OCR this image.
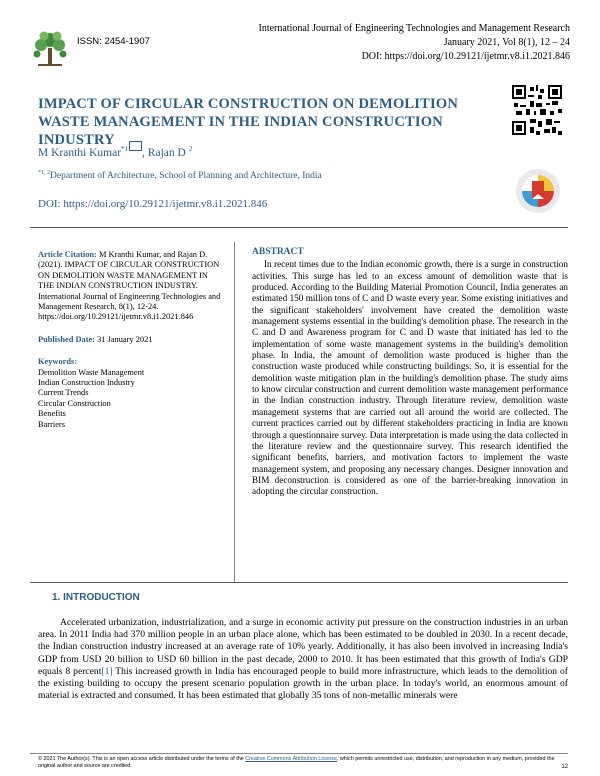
ISSN: 2454-1907
International Journal of Engineering Technologies and Management Research
January 2021, Vol 8(1), 12 – 24
DOI: https://doi.org/10.29121/ijetmr.v8.i1.2021.846
IMPACT OF CIRCULAR CONSTRUCTION ON DEMOLITION WASTE MANAGEMENT IN THE INDIAN CONSTRUCTION INDUSTRY
M Kranthi Kumar$^{*1}$ , Rajan D $^2$
$^{*1, 2}$Department of Architecture, School of Planning and Architecture, India
DOI: https://doi.org/10.29121/ijetmr.v8.i1.2021.846
Article Citation: M Kranthi Kumar, and Rajan D. (2021). IMPACT OF CIRCULAR CONSTRUCTION ON DEMOLITION WASTE MANAGEMENT IN THE INDIAN CONSTRUCTION INDUSTRY. International Journal of Engineering Technologies and Management Research, 8(1), 12-24. https://doi.org/10.29121/ijetmr.v8.i1.2021.846
Published Date: 31 January 2021
Keywords:
Demolition Waste Management
Indian Construction Industry
Current Trends
Circular Construction
Benefits
Barriers
ABSTRACT

In recent times due to the Indian economic growth, there is a surge in construction activities. This surge has led to an excess amount of demolition waste that is produced. According to the Building Material Promotion Council, India generates an estimated 150 million tons of C and D waste every year. Some existing initiatives and the significant stakeholders' involvement have created the demolition waste management systems essential in the building's demolition phase. The research in the C and D and Awareness program for C and D waste that initiated has led to the implementation of some waste management systems in the building's demolition phase. In India, the amount of demolition waste produced is higher than the construction waste produced while constructing buildings. So, it is essential for the demolition waste mitigation plan in the building's demolition phase. The study aims to know circular construction and current demolition waste management performance in the Indian construction industry. Through literature review, demolition waste management systems that are carried out all around the world are collected. The current practices carried out by different stakeholders practicing in India are known through a questionnaire survey. Data interpretation is made using the data collected in the literature review and the questionnaire survey. This research identified the significant benefits, barriers, and motivation factors to implement the waste management system, and proposing any necessary changes. Designer innovation and BIM deconstruction is considered as one of the barrier-breaking innovation in adopting the circular construction.

1. INTRODUCTION

Accelerated urbanization, industrialization, and a surge in economic activity put pressure on the construction industries in an urban area. In 2011 India had 370 million people in an urban place alone, which has been estimated to be doubled in 2030. In a recent decade, the Indian construction industry increased at an average rate of 10% yearly. Additionally, it has also been involved in increasing India's GDP from USD 20 billion to USD 60 billion in the past decade, 2000 to 2010. It has been estimated that this growth of India's GDP equals 8 percent[1] This increased growth in India has encouraged people to build more infrastructure, which leads to the demolition of the existing building to occupy the present scenario population growth in the urban place. In today's world, an enormous amount of material is extracted and consumed. It has been estimated that globally 35 tons of non-metallic minerals were

© 2021 The Author(s). This is an open access article distributed under the terms of the Creative Commons Attribution License, which permits unrestricted use, distribution, and reproduction in any medium, provided the original author and source are credited.	12
